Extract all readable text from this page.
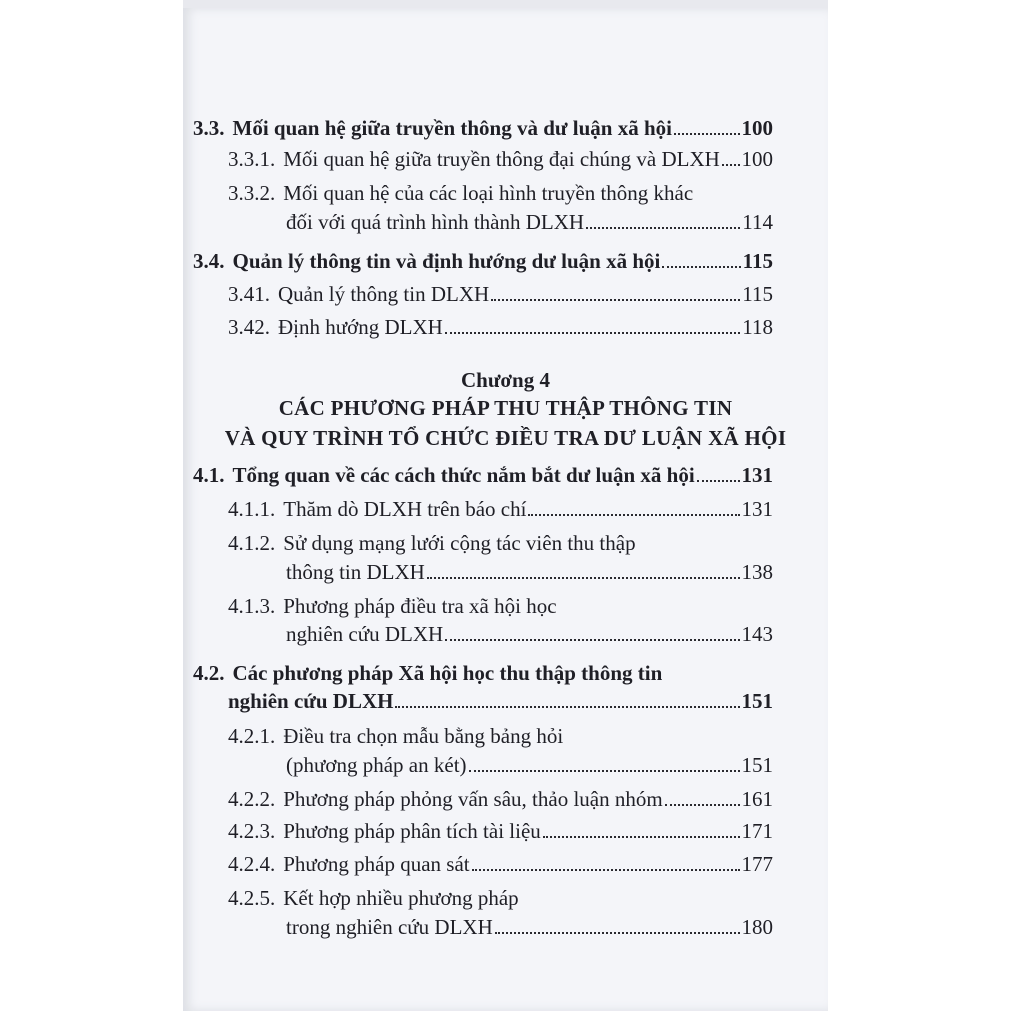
3.3. Mối quan hệ giữa truyền thông và dư luận xã hội	100
3.3.1. Mối quan hệ giữa truyền thông đại chúng và DLXH 100
3.3.2. Mối quan hệ của các loại hình truyền thông khác
đối với quá trình hình thành DLXH	114
3.4. Quản lý thông tin và định hướng dư luận xã hội	115
3.41. Quản lý thông tin DLXH	115
3.42. Định hướng DLXH	118
Chương 4
CÁC PHƯƠNG PHÁP THU THẬP THÔNG TIN
VÀ QUY TRÌNH TỔ CHỨC ĐIỀU TRA DƯ LUẬN XÃ HỘI
4.1. Tổng quan về các cách thức nắm bắt dư luận xã hội 131
4.1.1. Thăm dò DLXH trên báo chí	131
4.1.2. Sử dụng mạng lưới cộng tác viên thu thập
thông tin DLXH	138
4.1.3. Phương pháp điều tra xã hội học
nghiên cứu DLXH	143
4.2. Các phương pháp Xã hội học thu thập thông tin
nghiên cứu DLXH	151
4.2.1. Điều tra chọn mẫu bằng bảng hỏi
(phương pháp an két)	151
4.2.2. Phương pháp phỏng vấn sâu, thảo luận nhóm	161
4.2.3. Phương pháp phân tích tài liệu	171
4.2.4. Phương pháp quan sát	177
4.2.5. Kết hợp nhiều phương pháp
trong nghiên cứu DLXH	180
